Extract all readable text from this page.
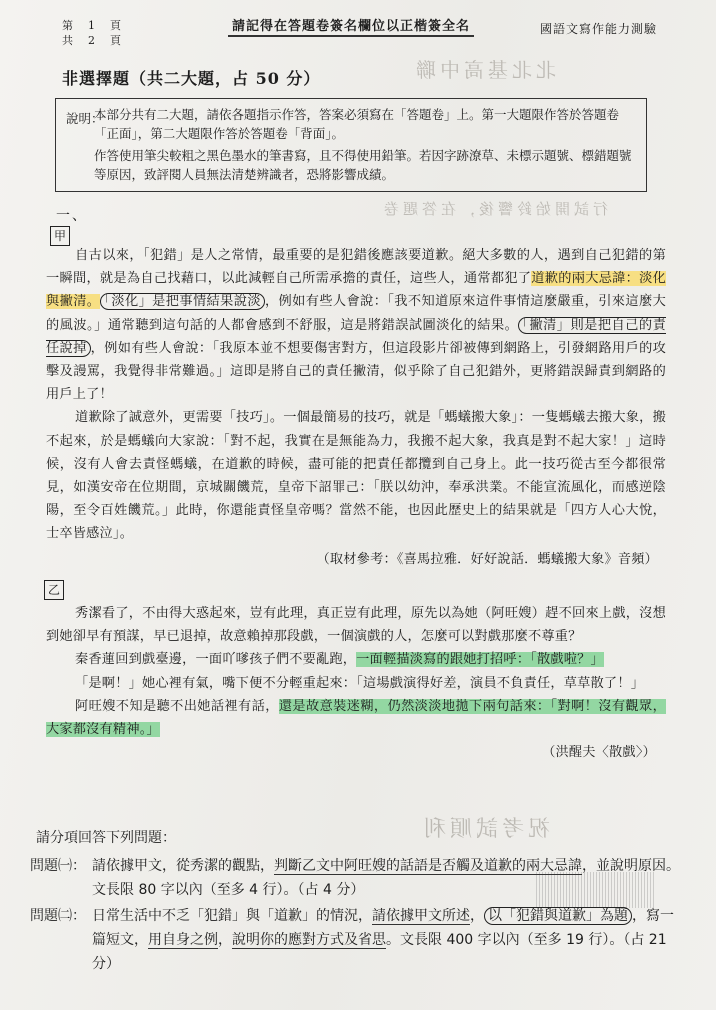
第　1　頁
共　2　頁
請記得在答題卷簽名欄位以正楷簽全名	國語文寫作能力測驗
北北基高中聯
行試開始鈴響後，在答題卷
祝考試順利
非選擇題（共二大題，占 50 分）
說明：

本部分共有二大題，請依各題指示作答，答案必須寫在「答題卷」上。第一大題限作答於答題卷「正面」，第二大題限作答於答題卷「背面」。

作答使用筆尖較粗之黑色墨水的筆書寫，且不得使用鉛筆。若因字跡潦草、未標示題號、標錯題號等原因，致評閱人員無法清楚辨識者，恐將影響成績。

一、
甲

自古以來，「犯錯」是人之常情，最重要的是犯錯後應該要道歉。絕大多數的人，遇到自己犯錯的第一瞬間，就是為自己找藉口，以此減輕自己所需承擔的責任，這些人，通常都犯了道歉的兩大忌諱：淡化與撇清。 「淡化」是把事情結果說淡 ，例如有些人會說：「我不知道原來這件事情這麼嚴重，引來這麼大的風波。」通常聽到這句話的人都會感到不舒服，這是將錯誤試圖淡化的結果。 「撇清」則是把自己的責任說掉 ，例如有些人會說：「我原本並不想要傷害對方，但這段影片卻被傳到網路上，引發網路用戶的攻擊及謾罵，我覺得非常難過。」這即是將自己的責任撇清，似乎除了自己犯錯外，更將錯誤歸責到網路的用戶上了！

道歉除了誠意外，更需要「技巧」。一個最簡易的技巧，就是「螞蟻搬大象」：一隻螞蟻去搬大象，搬不起來，於是螞蟻向大家說：「對不起，我實在是無能為力，我搬不起大象，我真是對不起大家！」這時候，沒有人會去責怪螞蟻，在道歉的時候，盡可能的把責任都攬到自己身上。此一技巧從古至今都很常見，如漢安帝在位期間，京城關饑荒，皇帝下詔罪己：「朕以幼沖，奉承洪業。不能宣流風化，而感逆陰陽，至令百姓饑荒。」此時，你還能責怪皇帝嗎？當然不能，也因此歷史上的結果就是「四方人心大悅，士卒皆感泣」。

（取材參考：《喜馬拉雅．好好說話．螞蟻搬大象》音頻）
乙

秀潔看了，不由得大惑起來，豈有此理，真正豈有此理，原先以為她（阿旺嫂）趕不回來上戲，沒想到她卻早有預謀，早已退掉，故意賴掉那段戲，一個演戲的人，怎麼可以對戲那麼不尊重？

秦香蓮回到戲臺邊，一面吖嗲孩子們不要亂跑，一面輕描淡寫的跟她打招呼：「散戲啦？」

「是啊！」她心裡有氣，嘴下便不分輕重起來：「這場戲演得好差，演員不負責任，草草散了！」

阿旺嫂不知是聽不出她話裡有話，還是故意裝迷糊，仍然淡淡地拋下兩句話來：「對啊！沒有觀眾，大家都沒有精神。」

（洪醒夫〈散戲〉）
請分項回答下列問題：
問題㈠： 請依據甲文，從秀潔的觀點，判斷乙文中阿旺嫂的話語是否觸及道歉的兩大忌諱，並說明原因。文長限 80 字以內（至多 4 行）。（占 4 分）
問題㈡： 日常生活中不乏「犯錯」與「道歉」的情況，請依據甲文所述， 以「犯錯與道歉」為題 ，寫一篇短文，用自身之例，說明你的應對方式及省思。文長限 400 字以內（至多 19 行）。（占 21 分）
